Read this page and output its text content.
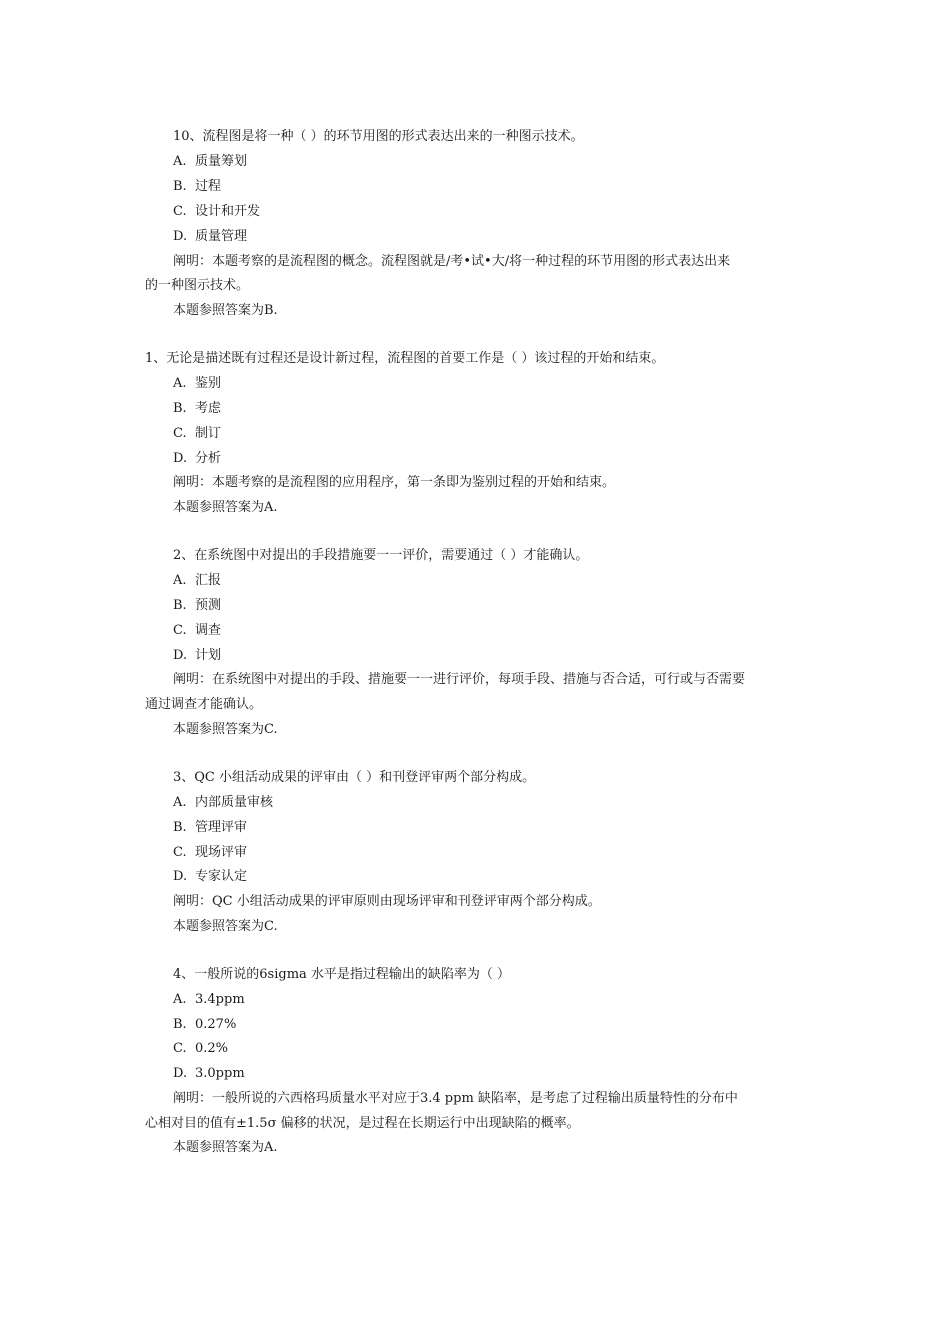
10、流程图是将一种（ ）的环节用图的形式表达出来的一种图示技术。
A. 质量筹划
B. 过程
C. 设计和开发
D. 质量管理
阐明：本题考察的是流程图的概念。流程图就是/考•试•大/将一种过程的环节用图的形式表达出来
的一种图示技术。
本题参照答案为B.
1、无论是描述既有过程还是设计新过程，流程图的首要工作是（ ）该过程的开始和结束。
A. 鉴别
B. 考虑
C. 制订
D. 分析
阐明：本题考察的是流程图的应用程序，第一条即为鉴别过程的开始和结束。
本题参照答案为A.
2、在系统图中对提出的手段措施要一一评价，需要通过（ ）才能确认。
A. 汇报
B. 预测
C. 调查
D. 计划
阐明：在系统图中对提出的手段、措施要一一进行评价，每项手段、措施与否合适，可行或与否需要
通过调查才能确认。
本题参照答案为C.
3、QC 小组活动成果的评审由（ ）和刊登评审两个部分构成。
A. 内部质量审核
B. 管理评审
C. 现场评审
D. 专家认定
阐明：QC 小组活动成果的评审原则由现场评审和刊登评审两个部分构成。
本题参照答案为C.
4、一般所说的6sigma 水平是指过程输出的缺陷率为（ ）
A. 3.4ppm
B. 0.27%
C. 0.2%
D. 3.0ppm
阐明：一般所说的六西格玛质量水平对应于3.4 ppm 缺陷率，是考虑了过程输出质量特性的分布中
心相对目的值有±1.5σ 偏移的状况，是过程在长期运行中出现缺陷的概率。
本题参照答案为A.
